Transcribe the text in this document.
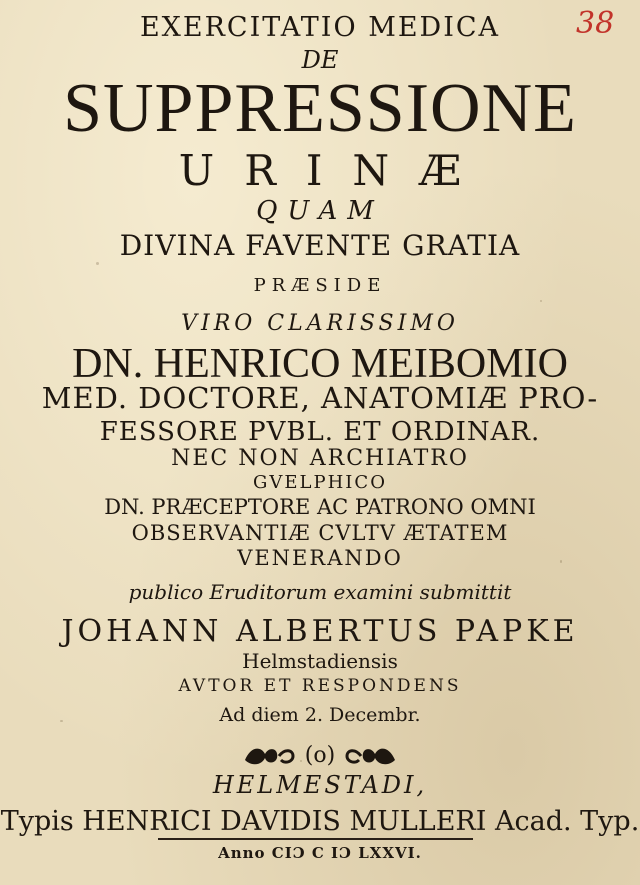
38
EXERCITATIO MEDICA
DE
SUPPRESSIONE
URINÆ
QUAM
DIVINA FAVENTE GRATIA
PRÆSIDE
VIRO CLARISSIMO
DN. HENRICO MEIBOMIO
MED. DOCTORE, ANATOMIÆ PRO-
FESSORE PVBL. ET ORDINAR.
NEC NON ARCHIATRO
GVELPHICO
DN. PRÆCEPTORE AC PATRONO OMNI
OBSERVANTIÆ CVLTV ÆTATEM
VENERANDO
publico Eruditorum examini submittit
JOHANN ALBERTUS PAPKE
Helmstadiensis
AVTOR ET RESPONDENS
Ad diem 2. Decembr.
(o)
HELMESTADI,
Typis HENRICI DAVIDIS MULLERI Acad. Typ.
Anno CIƆ C IƆ LXXVI.
